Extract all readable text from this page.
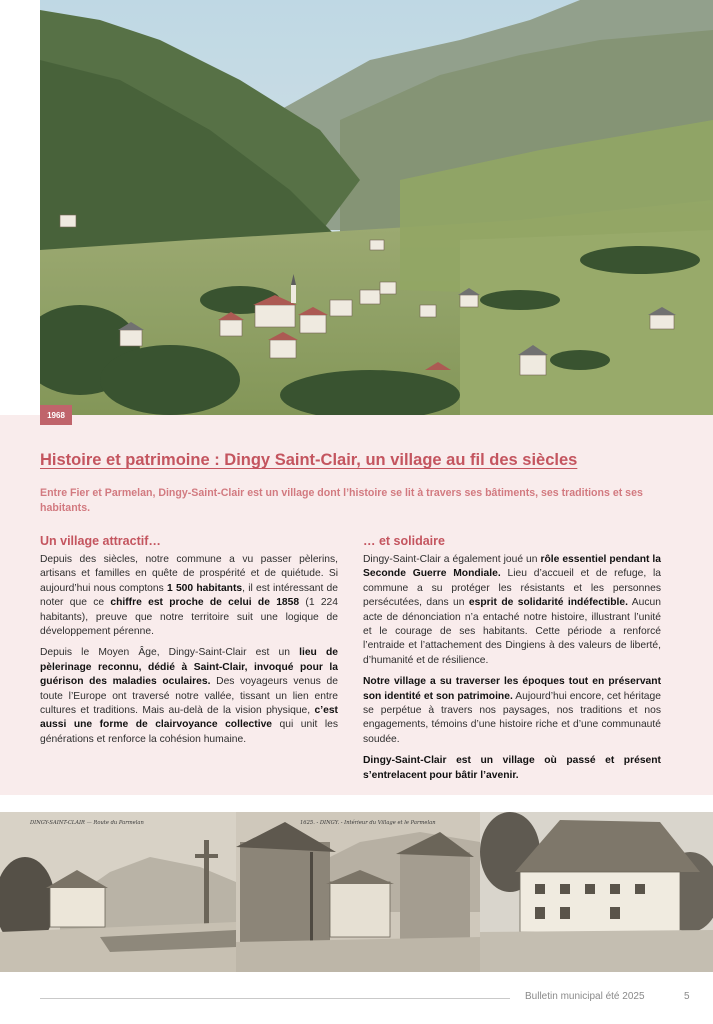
1968
Histoire et patrimoine : Dingy Saint-Clair, un village au fil des siècles

Entre Fier et Parmelan, Dingy-Saint-Clair est un village dont l’histoire se lit à travers ses bâtiments, ses traditions et ses habitants.

Un village attractif…

Depuis des siècles, notre commune a vu passer pèlerins, artisans et familles en quête de prospérité et de quiétude. Si aujourd’hui nous comptons 1 500 habitants, il est intéressant de noter que ce chiffre est proche de celui de 1858 (1 224 habitants), preuve que notre territoire suit une logique de développement pérenne.

Depuis le Moyen Âge, Dingy-Saint-Clair est un lieu de pèlerinage reconnu, dédié à Saint-Clair, invoqué pour la guérison des maladies oculaires. Des voyageurs venus de toute l’Europe ont traversé notre vallée, tissant un lien entre cultures et traditions. Mais au-delà de la vision physique, c’est aussi une forme de clairvoyance collective qui unit les générations et renforce la cohésion humaine.

… et solidaire

Dingy-Saint-Clair a également joué un rôle essentiel pendant la Seconde Guerre Mondiale. Lieu d’accueil et de refuge, la commune a su protéger les résistants et les personnes persécutées, dans un esprit de solidarité indéfectible. Aucun acte de dénonciation n’a entaché notre histoire, illustrant l’unité et le courage de ses habitants. Cette période a renforcé l’entraide et l’attachement des Dingiens à des valeurs de liberté, d’humanité et de résilience.

Notre village a su traverser les époques tout en préservant son identité et son patrimoine. Aujourd’hui encore, cet héritage se perpétue à travers nos paysages, nos traditions et nos engagements, témoins d’une histoire riche et d’une communauté soudée.

Dingy-Saint-Clair est un village où passé et présent s’entrelacent pour bâtir l’avenir.

DINGY-SAINT-CLAIR — Route du Parmelan	1625. - DINGY. - Intérieur du Village et le Parmelan
Bulletin municipal été 2025	5
